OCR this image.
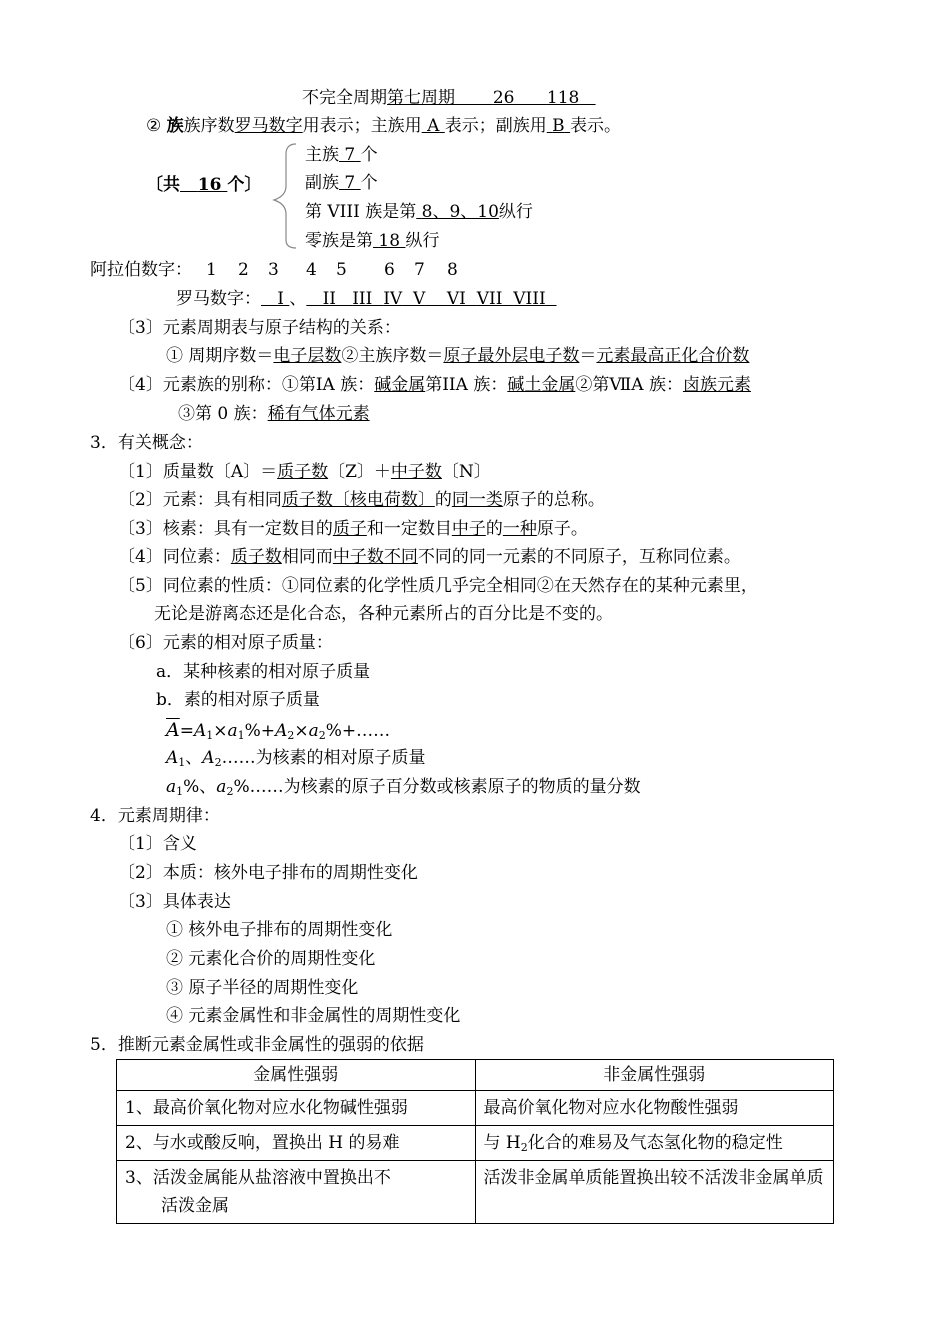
不完全周期第七周期 26 118
② 族族序数罗马数字用表示；主族用 A 表示；副族用 B 表示。
〔共 16 个〕
主族 7 个
副族 7 个
第 VIII 族是第 8、9、10纵行
零族是第 18 纵行
阿拉伯数字： 1 2 3 4 5 6 7 8
罗马数字： I 、 II III IV V VI VII VIII
〔3〕元素周期表与原子结构的关系：
① 周期序数＝电子层数②主族序数＝原子最外层电子数＝元素最高正化合价数
〔4〕元素族的别称：①第ⅠA 族：碱金属第ⅠIA 族：碱土金属②第ⅦA 族：卤族元素
③第 0 族：稀有气体元素
3．有关概念：
〔1〕质量数〔A〕＝质子数〔Z〕＋中子数〔N〕
〔2〕元素：具有相同质子数〔核电荷数〕的同一类原子的总称。
〔3〕核素：具有一定数目的质子和一定数目中子的一种原子。
〔4〕同位素：质子数相同而中子数不同不同的同一元素的不同原子，互称同位素。
〔5〕同位素的性质：①同位素的化学性质几乎完全相同②在天然存在的某种元素里，
无论是游离态还是化合态，各种元素所占的百分比是不变的。
〔6〕元素的相对原子质量：
a．某种核素的相对原子质量
b．素的相对原子质量
$\overline{A}=A_1\times a_1\%+A_2\times a_2\%+\dots\dots$
$A_1$、$A_2\dots\dots$为核素的相对原子质量
$a_1\%$、$a_2\%\dots\dots$为核素的原子百分数或核素原子的物质的量分数
4．元素周期律：
〔1〕含义
〔2〕本质：核外电子排布的周期性变化
〔3〕具体表达
① 核外电子排布的周期性变化
② 元素化合价的周期性变化
③ 原子半径的周期性变化
④ 元素金属性和非金属性的周期性变化
5．推断元素金属性或非金属性的强弱的依据
金属性强弱	非金属性强弱
1、最高价氧化物对应水化物碱性强弱	最高价氧化物对应水化物酸性强弱
2、与水或酸反响，置换出 H 的易难	与 $H_2$化合的难易及气态氢化物的稳定性
3、活泼金属能从盐溶液中置换出不
活泼金属	活泼非金属单质能置换出较不活泼非金属单质
